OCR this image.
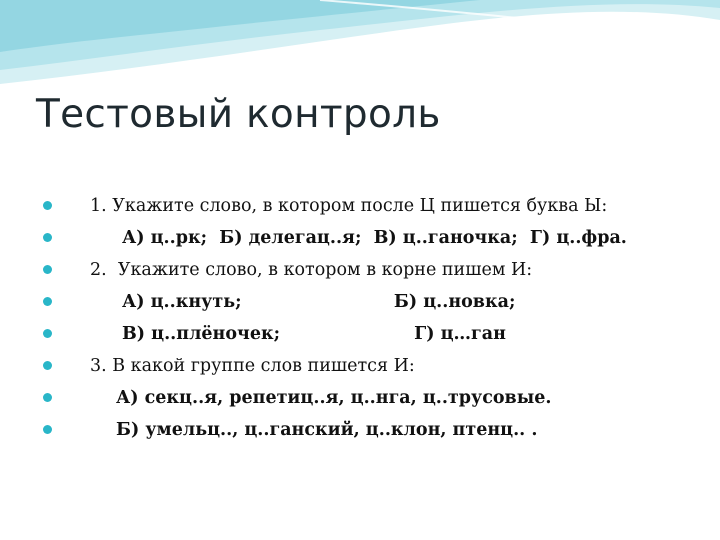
Тестовый контроль
1. Укажите слово, в котором после Ц пишется буква Ы:
А) ц..рк;  Б) делегац..я;  В) ц..ганочка;  Г) ц..фра.
2.  Укажите слово, в котором в корне пишем И:
А) ц..кнуть;                         Б) ц..новка;
В) ц..плёночек;                      Г) ц…ган
3. В какой группе слов пишется И:
А) секц..я, репетиц..я, ц..нга, ц..трусовые.
Б) умельц.., ц..ганский, ц..клон, птенц.. .
